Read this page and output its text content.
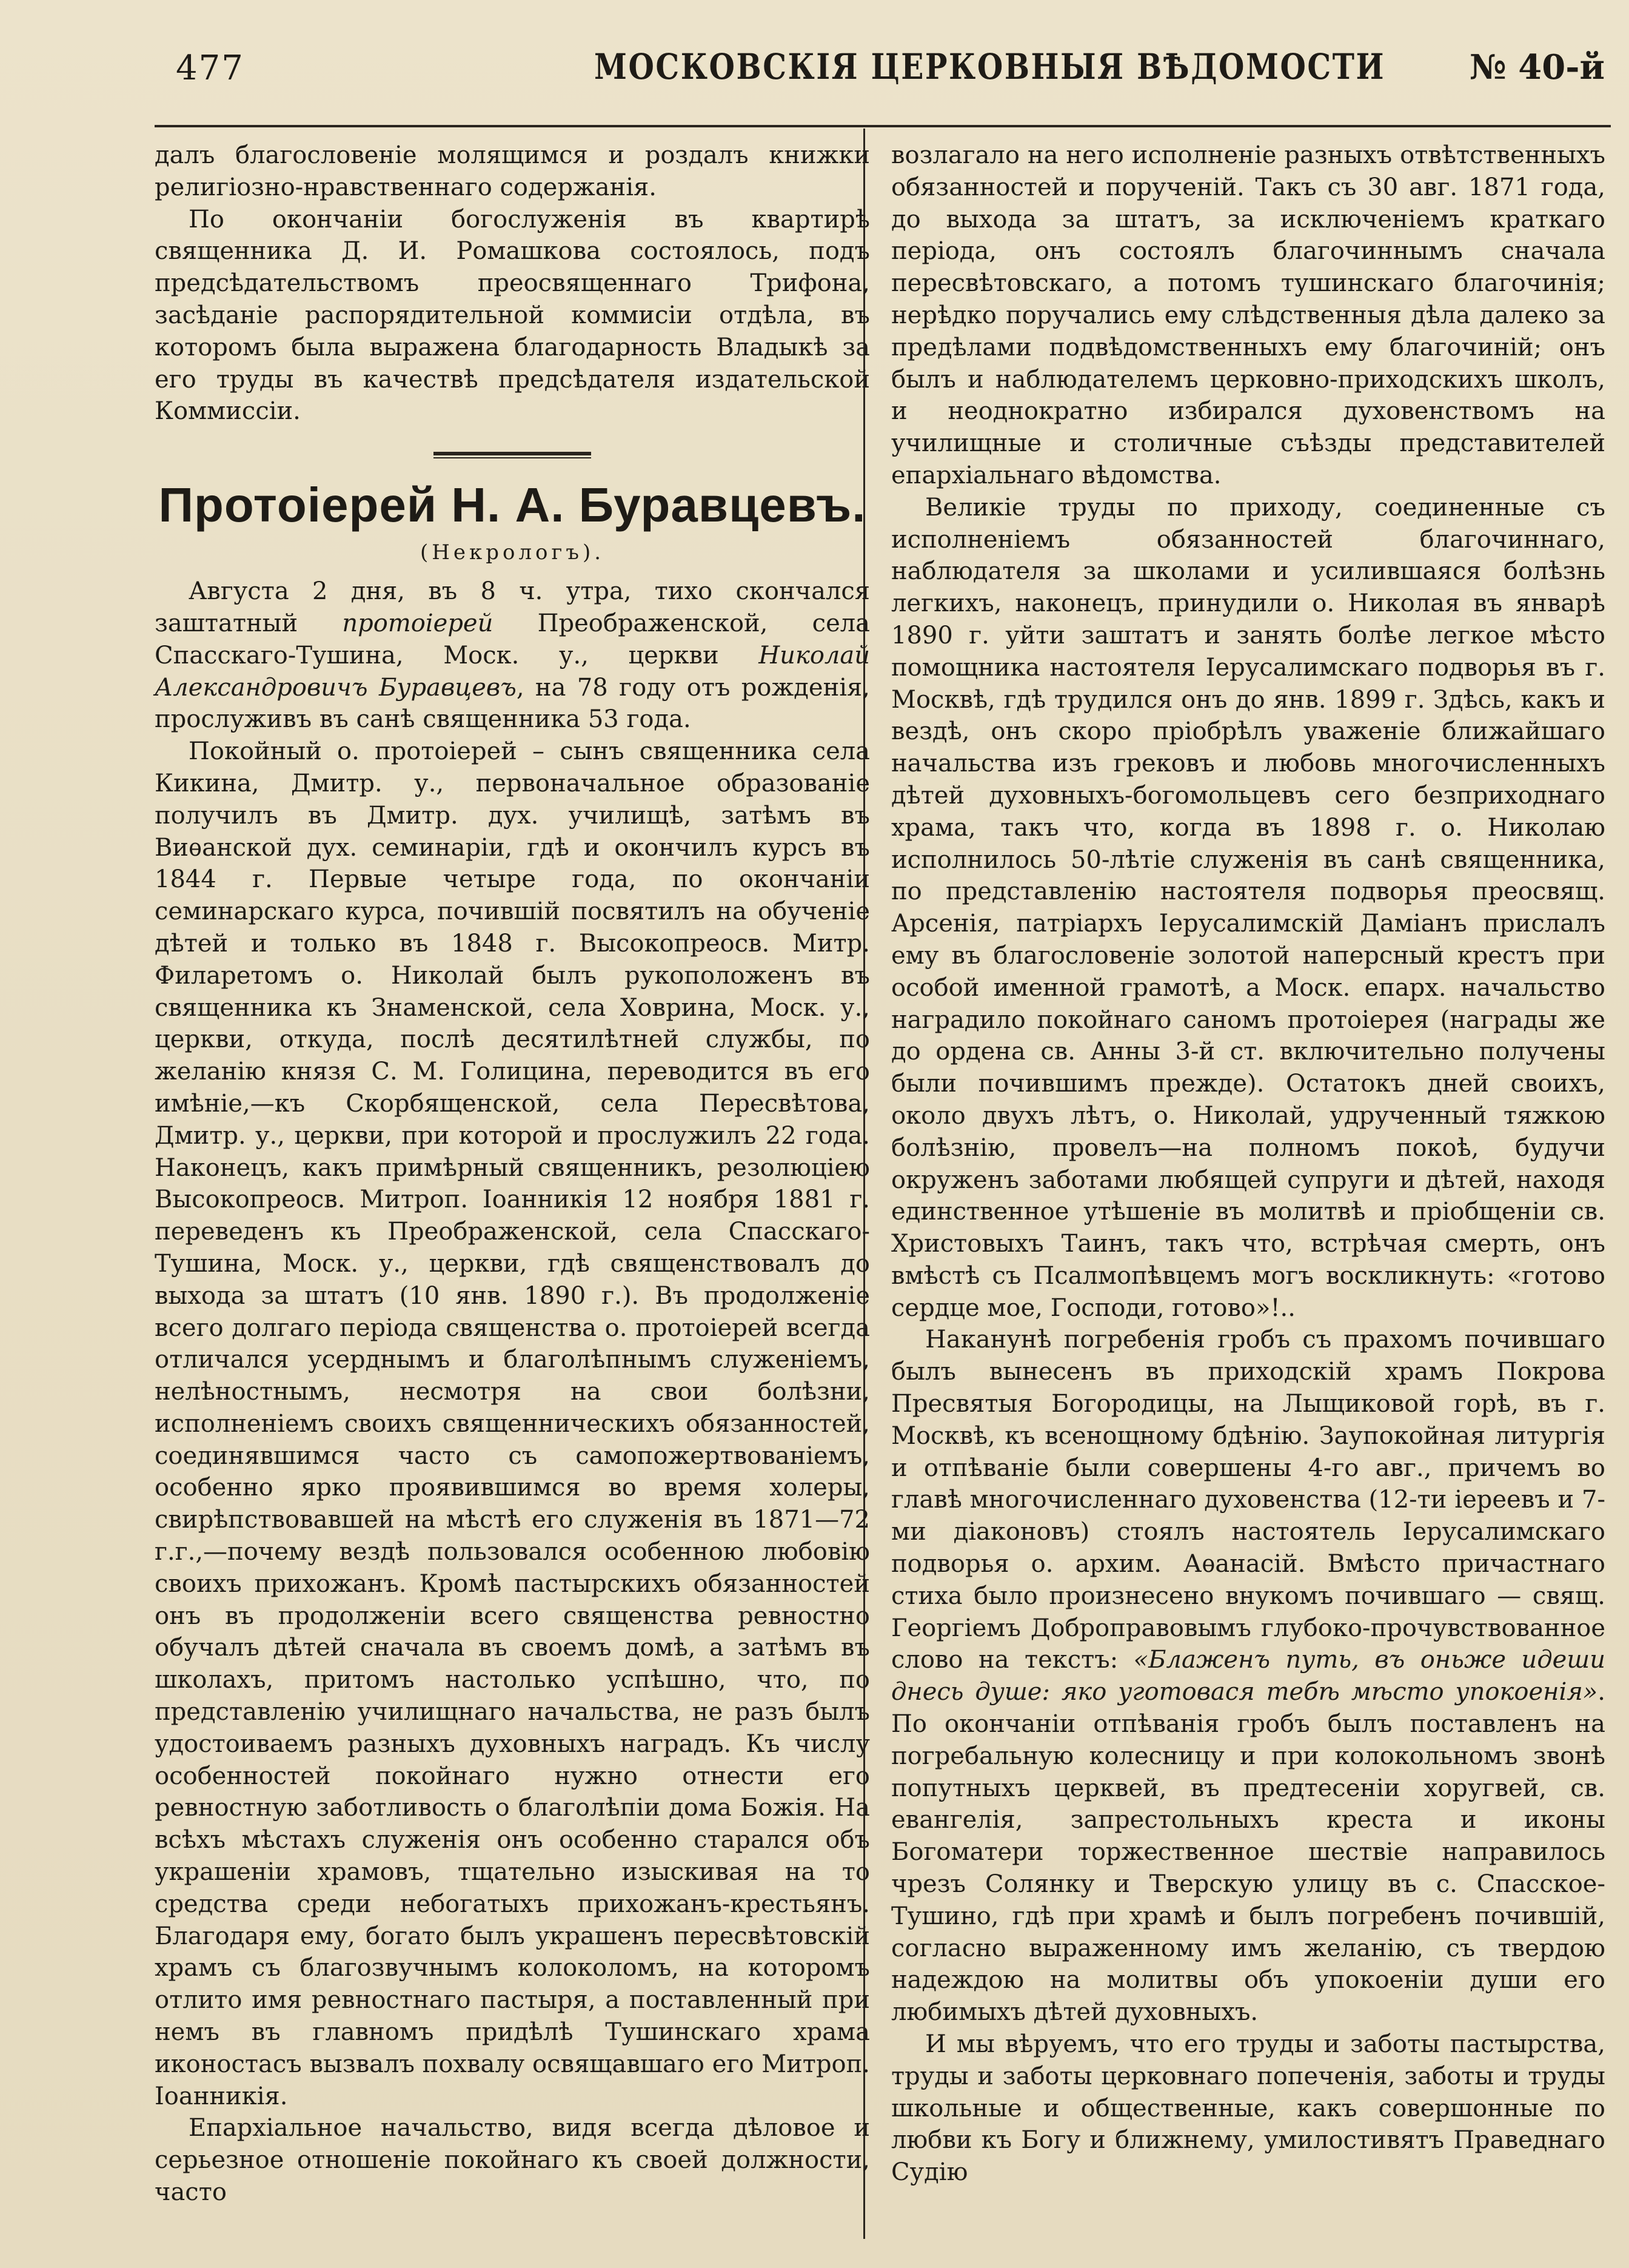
477	МОСКОВСКІЯ ЦЕРКОВНЫЯ ВѢДОМОСТИ № 40-й

далъ благословеніе молящимся и роздалъ книжки религіозно-нравственнаго содержанія.

По окончаніи богослуженія въ квартирѣ священника Д. И. Ромашкова состоялось, подъ предсѣдательствомъ преосвященнаго Трифона, засѣданіе распорядительной коммисіи отдѣла, въ которомъ была выражена благодарность Владыкѣ за его труды въ качествѣ предсѣдателя издательской Коммиссіи.

Протоіерей Н. А. Буравцевъ.
(Некрологъ).

Августа 2 дня, въ 8 ч. утра, тихо скончался заштатный протоіерей Преображенской, села Спасскаго-Тушина, Моск. у., церкви Николай Александровичъ Буравцевъ, на 78 году отъ рожденія, прослуживъ въ санѣ священника 53 года.

Покойный о. протоіерей – сынъ священника села Кикина, Дмитр. у., первоначальное образованіе получилъ въ Дмитр. дух. училищѣ, затѣмъ въ Виѳанской дух. семинаріи, гдѣ и окончилъ курсъ въ 1844 г. Первые четыре года, по окончаніи семинарскаго курса, почившій посвятилъ на обученіе дѣтей и только въ 1848 г. Высокопреосв. Митр. Филаретомъ о. Николай былъ рукоположенъ въ священника къ Знаменской, села Ховрина, Моск. у., церкви, откуда, послѣ десятилѣтней службы, по желанію князя С. М. Голицина, переводится въ его имѣніе,—къ Скорбященской, села Пересвѣтова, Дмитр. у., церкви, при которой и прослужилъ 22 года. Наконецъ, какъ примѣрный священникъ, резолюціею Высокопреосв. Митроп. Іоанникія 12 ноября 1881 г. переведенъ къ Преображенской, села Спасскаго-Тушина, Моск. у., церкви, гдѣ священствовалъ до выхода за штатъ (10 янв. 1890 г.). Въ продолженіе всего долгаго періода священства о. протоіерей всегда отличался усерднымъ и благолѣпнымъ служеніемъ, нелѣностнымъ, несмотря на свои болѣзни, исполненіемъ своихъ священническихъ обязанностей, соединявшимся часто съ самопожертвованіемъ, особенно ярко проявившимся во время холеры, свирѣпствовавшей на мѣстѣ его служенія въ 1871—72 г.г.,—почему вездѣ пользовался особенною любовію своихъ прихожанъ. Кромѣ пастырскихъ обязанностей онъ въ продолженіи всего священства ревностно обучалъ дѣтей сначала въ своемъ домѣ, а затѣмъ въ школахъ, притомъ настолько успѣшно, что, по представленію училищнаго начальства, не разъ былъ удостоиваемъ разныхъ духовныхъ наградъ. Къ числу особенностей покойнаго нужно отнести его ревностную заботливость о благолѣпіи дома Божія. На всѣхъ мѣстахъ служенія онъ особенно старался объ украшеніи храмовъ, тщательно изыскивая на то средства среди небогатыхъ прихожанъ-крестьянъ. Благодаря ему, богато былъ украшенъ пересвѣтовскій храмъ съ благозвучнымъ колоколомъ, на которомъ отлито имя ревностнаго пастыря, а поставленный при немъ въ главномъ придѣлѣ Тушинскаго храма иконостасъ вызвалъ похвалу освящавшаго его Митроп. Іоанникія.

Епархіальное начальство, видя всегда дѣловое и серьезное отношеніе покойнаго къ своей должности, часто

возлагало на него исполненіе разныхъ отвѣтственныхъ обязанностей и порученій. Такъ съ 30 авг. 1871 года, до выхода за штатъ, за исключеніемъ краткаго періода, онъ состоялъ благочиннымъ сначала пересвѣтовскаго, а потомъ тушинскаго благочинія; нерѣдко поручались ему слѣдственныя дѣла далеко за предѣлами подвѣдомственныхъ ему благочиній; онъ былъ и наблюдателемъ церковно-приходскихъ школъ, и неоднократно избирался духовенствомъ на училищные и столичные съѣзды представителей епархіальнаго вѣдомства.

Великіе труды по приходу, соединенные съ исполненіемъ обязанностей благочиннаго, наблюдателя за школами и усилившаяся болѣзнь легкихъ, наконецъ, принудили о. Николая въ январѣ 1890 г. уйти заштатъ и занять болѣе легкое мѣсто помощника настоятеля Іерусалимскаго подворья въ г. Москвѣ, гдѣ трудился онъ до янв. 1899 г. Здѣсь, какъ и вездѣ, онъ скоро пріобрѣлъ уваженіе ближайшаго начальства изъ грековъ и любовь многочисленныхъ дѣтей духовныхъ-богомольцевъ сего безприходнаго храма, такъ что, когда въ 1898 г. о. Николаю исполнилось 50-лѣтіе служенія въ санѣ священника, по представленію настоятеля подворья преосвящ. Арсенія, патріархъ Іерусалимскій Даміанъ прислалъ ему въ благословеніе золотой наперсный крестъ при особой именной грамотѣ, а Моск. епарх. начальство наградило покойнаго саномъ протоіерея (награды же до ордена св. Анны 3-й ст. включительно получены были почившимъ прежде). Остатокъ дней своихъ, около двухъ лѣтъ, о. Николай, удрученный тяжкою болѣзнію, провелъ—на полномъ покоѣ, будучи окруженъ заботами любящей супруги и дѣтей, находя единственное утѣшеніе въ молитвѣ и пріобщеніи св. Христовыхъ Таинъ, такъ что, встрѣчая смерть, онъ вмѣстѣ съ Псалмопѣвцемъ могъ воскликнуть: «готово сердце мое, Господи, готово»!..

Наканунѣ погребенія гробъ съ прахомъ почившаго былъ вынесенъ въ приходскій храмъ Покрова Пресвятыя Богородицы, на Лыщиковой горѣ, въ г. Москвѣ, къ всенощному бдѣнію. Заупокойная литургія и отпѣваніе были совершены 4-го авг., причемъ во главѣ многочисленнаго духовенства (12-ти іереевъ и 7-ми діаконовъ) стоялъ настоятель Іерусалимскаго подворья о. архим. Аѳанасій. Вмѣсто причастнаго стиха было произнесено внукомъ почившаго — свящ. Георгіемъ Доброправовымъ глубоко-прочувствованное слово на текстъ: «Блаженъ путь, въ оньже идеши днесь душе: яко уготовася тебѣ мѣсто упокоенія». По окончаніи отпѣванія гробъ былъ поставленъ на погребальную колесницу и при колокольномъ звонѣ попутныхъ церквей, въ предтесеніи хоругвей, св. евангелія, запрестольныхъ креста и иконы Богоматери торжественное шествіе направилось чрезъ Солянку и Тверскую улицу въ с. Спасское-Тушино, гдѣ при храмѣ и былъ погребенъ почившій, согласно выраженному имъ желанію, съ твердою надеждою на молитвы объ упокоеніи души его любимыхъ дѣтей духовныхъ.

И мы вѣруемъ, что его труды и заботы пастырства, труды и заботы церковнаго попеченія, заботы и труды школьные и общественные, какъ совершонные по любви къ Богу и ближнему, умилостивятъ Праведнаго Судію
